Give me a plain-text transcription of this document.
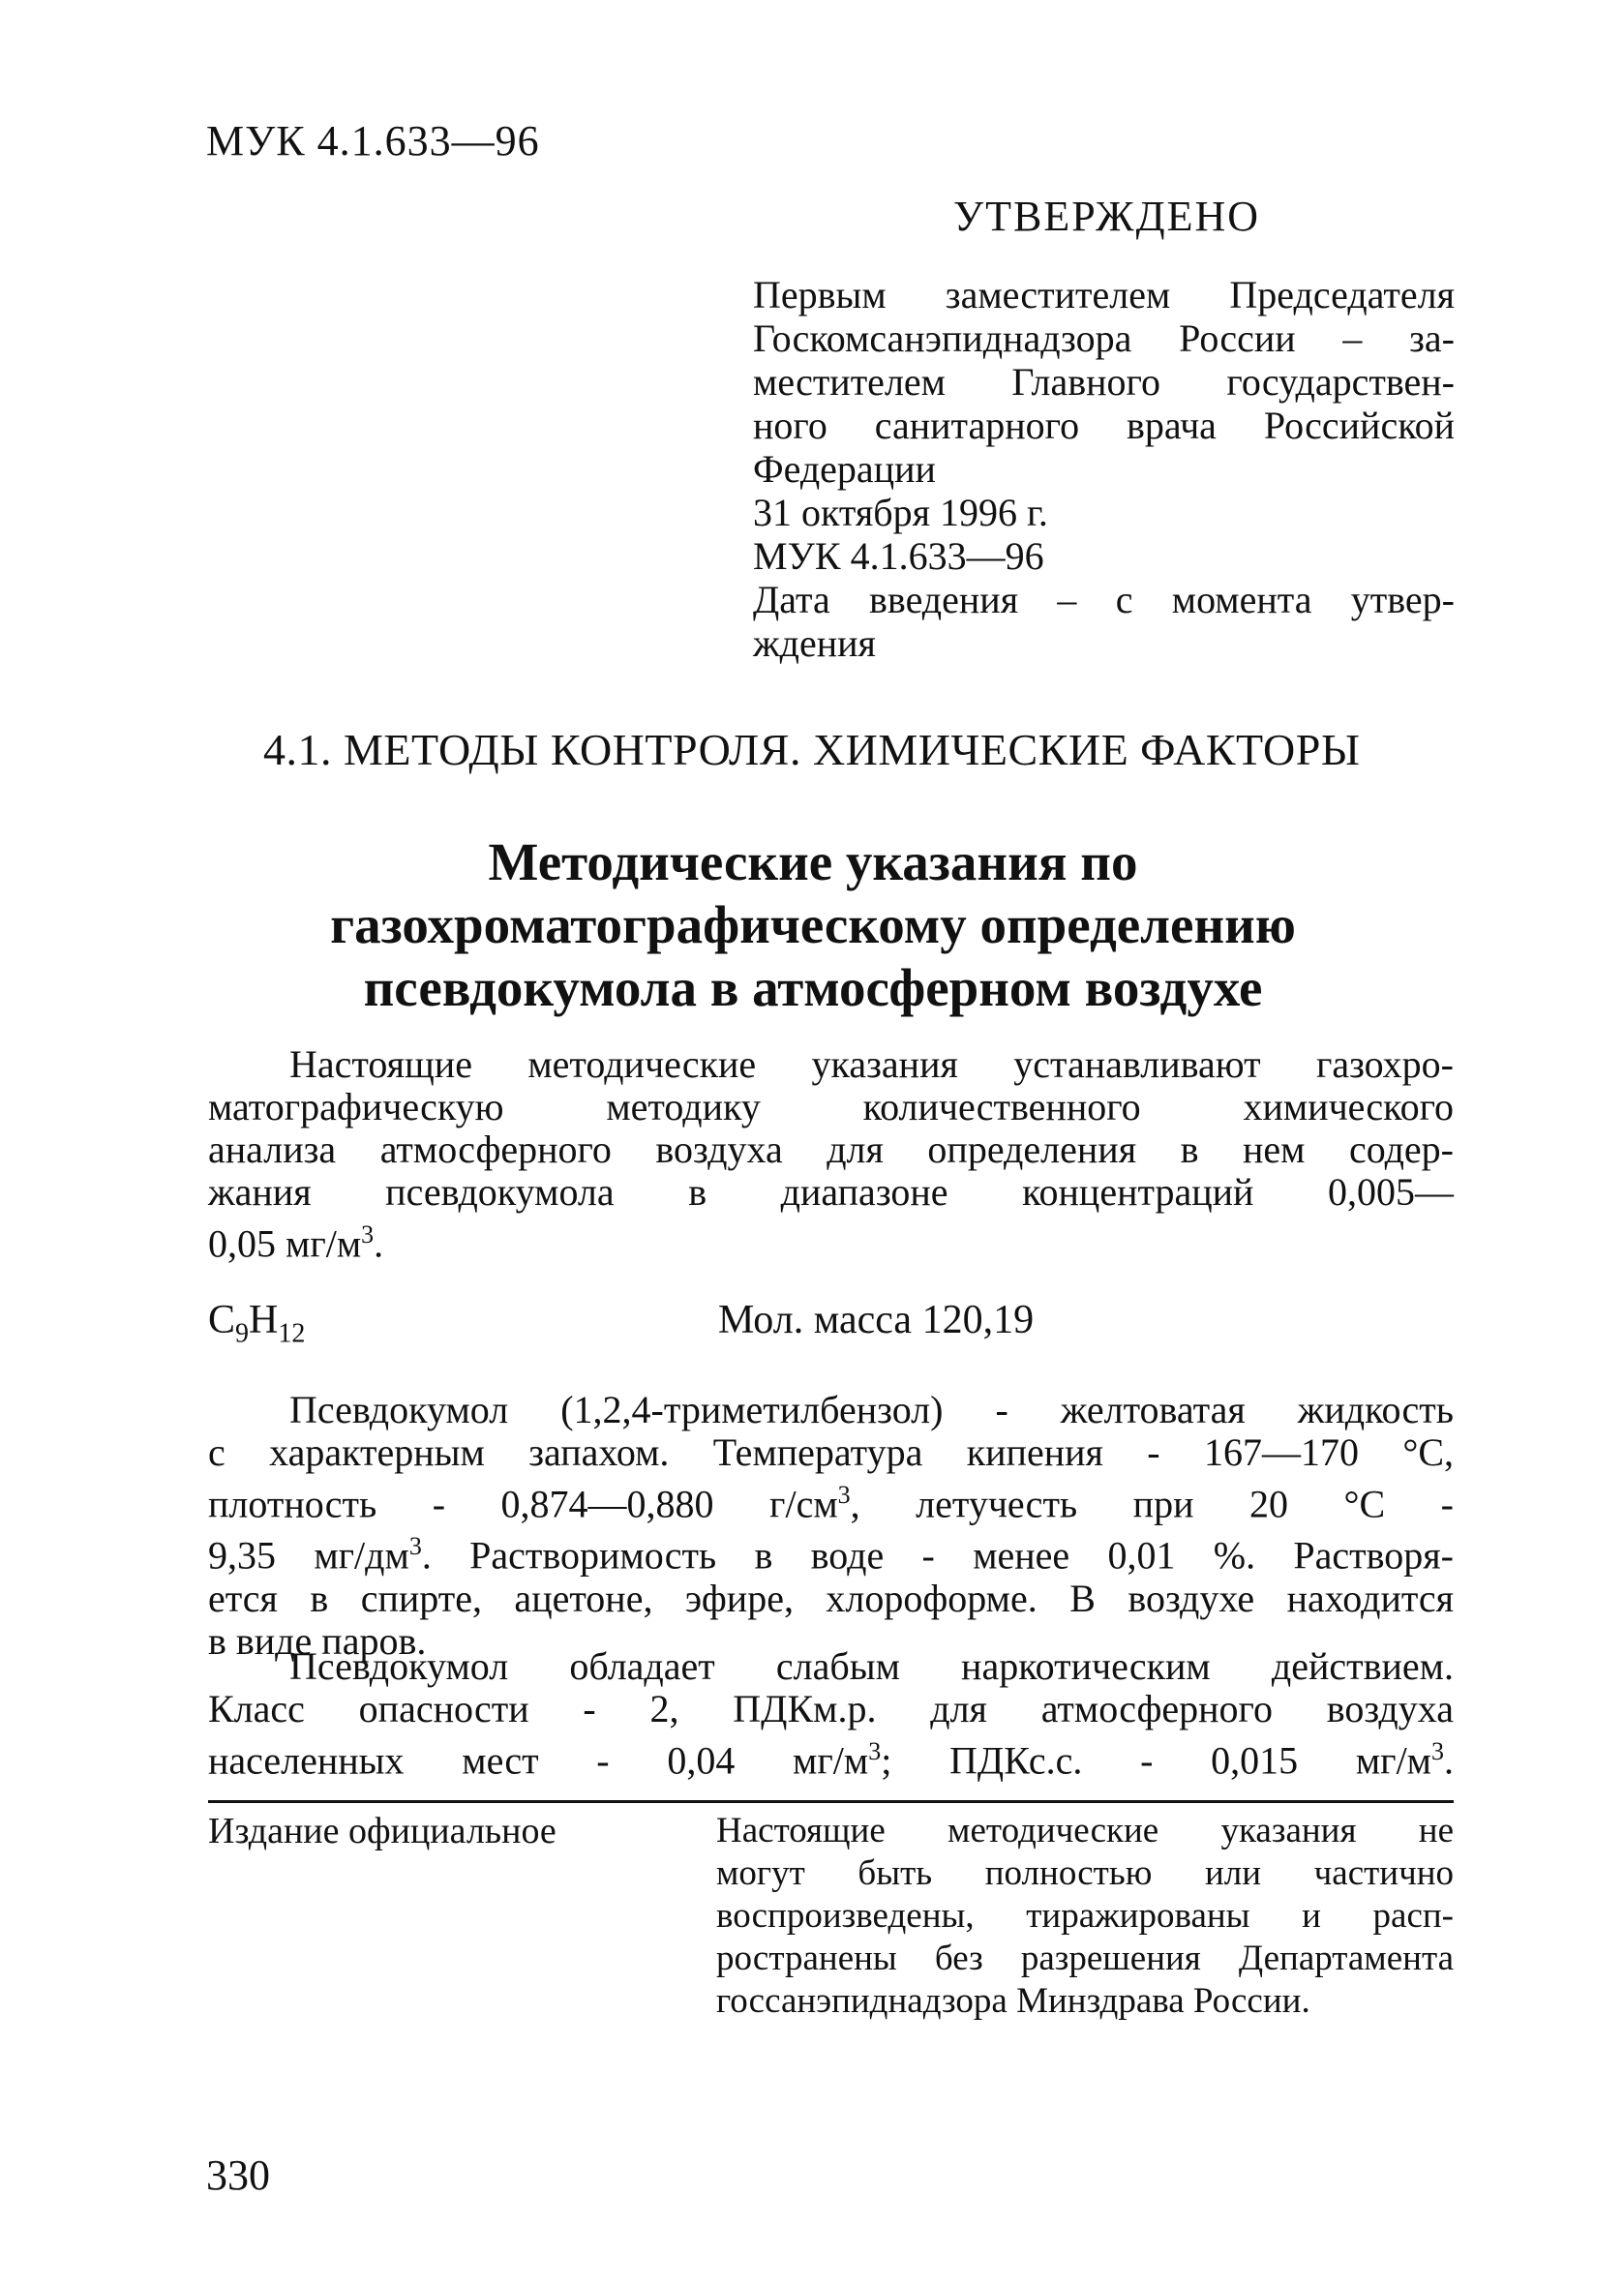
МУК 4.1.633—96
УТВЕРЖДЕНО
Первым заместителем Председателя
Госкомсанэпиднадзора России – за-
местителем Главного государствен-
ного санитарного врача Российской
Федерации
31 октября 1996 г.
МУК 4.1.633—96
Дата введения – с момента утвер-
ждения
4.1. МЕТОДЫ КОНТРОЛЯ. ХИМИЧЕСКИЕ ФАКТОРЫ
Методические указания по
газохроматографическому определению
псевдокумола в атмосферном воздухе
Настоящие методические указания устанавливают газохро-
матографическую методику количественного химического
анализа атмосферного воздуха для определения в нем содер-
жания псевдокумола в диапазоне концентраций 0,005—
0,05 $мг/м^3$.
$C_9H_{12}$	Мол. масса 120,19
Псевдокумол (1,2,4-триметилбензол) - желтоватая жидкость
с характерным запахом. Температура кипения - 167—170 °С,
плотность - 0,874—0,880 $г/см^3$, летучесть при 20 °С -
9,35 $мг/дм^3$. Растворимость в воде - менее 0,01 %. Растворя-
ется в спирте, ацетоне, эфире, хлороформе. В воздухе находится
в виде паров.
Псевдокумол обладает слабым наркотическим действием.
Класс опасности - 2, ПДКм.р. для атмосферного воздуха
населенных мест - 0,04 $мг/м^3$; ПДКс.с. - 0,015 $мг/м^3$.
Издание официальное	Настоящие методические указания не
могут быть полностью или частично
воспроизведены, тиражированы и расп-
ространены без разрешения Департамента
госсанэпиднадзора Минздрава России.
330
